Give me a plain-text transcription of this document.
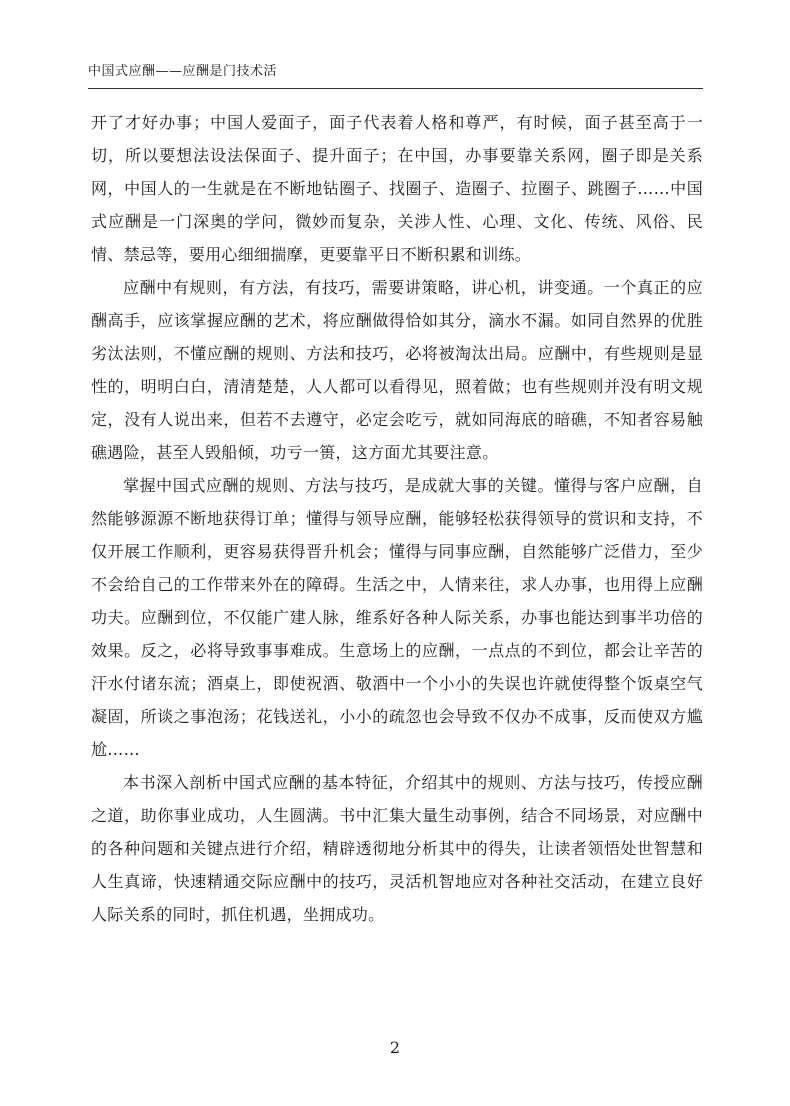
中国式应酬——应酬是门技术活

开了才好办事；中国人爱面子，面子代表着人格和尊严，有时候，面子甚至高于一切，所以要想法设法保面子、提升面子；在中国，办事要靠关系网，圈子即是关系网，中国人的一生就是在不断地钻圈子、找圈子、造圈子、拉圈子、跳圈子……中国式应酬是一门深奥的学问，微妙而复杂，关涉人性、心理、文化、传统、风俗、民情、禁忌等，要用心细细揣摩，更要靠平日不断积累和训练。

应酬中有规则，有方法，有技巧，需要讲策略，讲心机，讲变通。一个真正的应酬高手，应该掌握应酬的艺术，将应酬做得恰如其分，滴水不漏。如同自然界的优胜劣汰法则，不懂应酬的规则、方法和技巧，必将被淘汰出局。应酬中，有些规则是显性的，明明白白，清清楚楚，人人都可以看得见，照着做；也有些规则并没有明文规定，没有人说出来，但若不去遵守，必定会吃亏，就如同海底的暗礁，不知者容易触礁遇险，甚至人毁船倾，功亏一篑，这方面尤其要注意。

掌握中国式应酬的规则、方法与技巧，是成就大事的关键。懂得与客户应酬，自然能够源源不断地获得订单；懂得与领导应酬，能够轻松获得领导的赏识和支持，不仅开展工作顺利，更容易获得晋升机会；懂得与同事应酬，自然能够广泛借力，至少不会给自己的工作带来外在的障碍。生活之中，人情来往，求人办事，也用得上应酬功夫。应酬到位，不仅能广建人脉，维系好各种人际关系，办事也能达到事半功倍的效果。反之，必将导致事事难成。生意场上的应酬，一点点的不到位，都会让辛苦的汗水付诸东流；酒桌上，即使祝酒、敬酒中一个小小的失误也许就使得整个饭桌空气凝固，所谈之事泡汤；花钱送礼，小小的疏忽也会导致不仅办不成事，反而使双方尴尬……

本书深入剖析中国式应酬的基本特征，介绍其中的规则、方法与技巧，传授应酬之道，助你事业成功，人生圆满。书中汇集大量生动事例，结合不同场景，对应酬中的各种问题和关键点进行介绍，精辟透彻地分析其中的得失，让读者领悟处世智慧和人生真谛，快速精通交际应酬中的技巧，灵活机智地应对各种社交活动，在建立良好人际关系的同时，抓住机遇，坐拥成功。

2
